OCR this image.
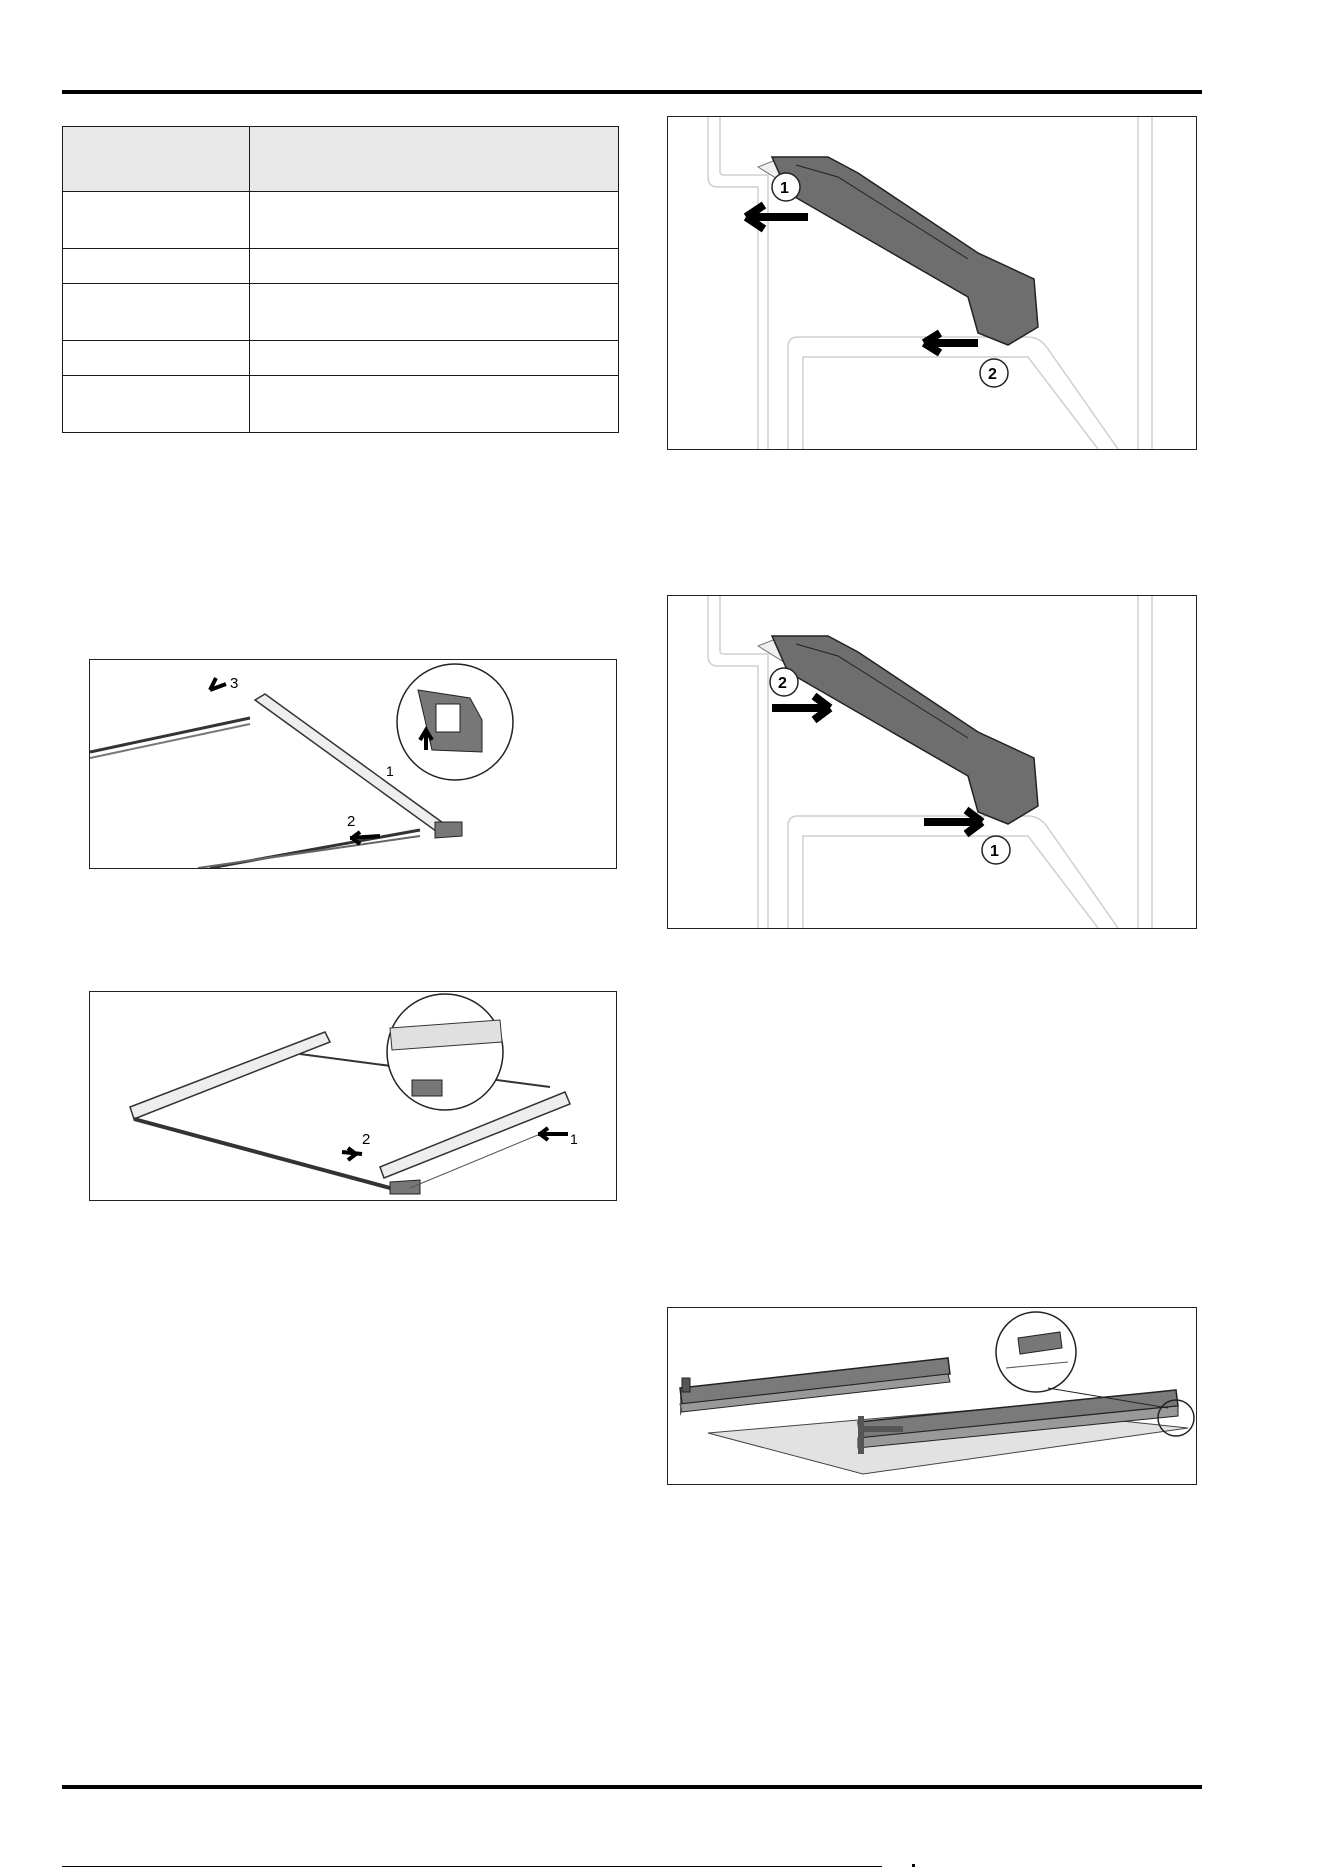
3
1
2
1
2
1
2
2
1
